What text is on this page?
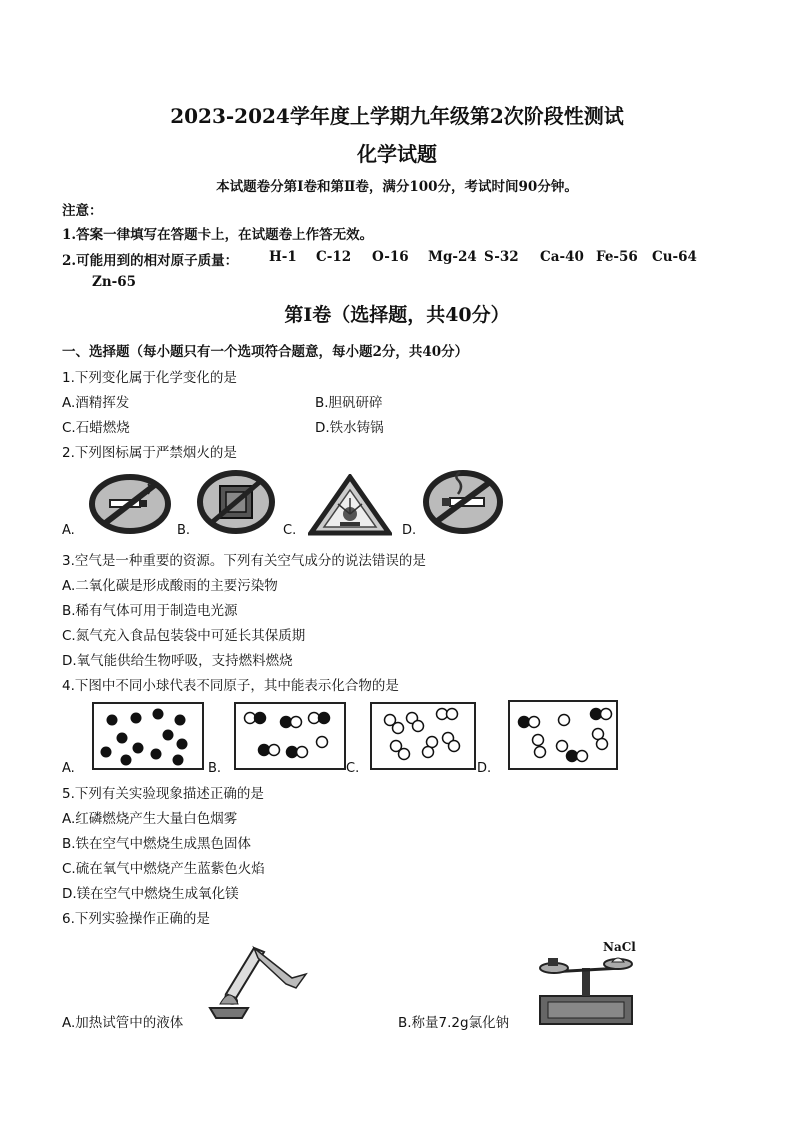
2023-2024学年度上学期九年级第2次阶段性测试
化学试题
本试题卷分第Ⅰ卷和第Ⅱ卷，满分100分，考试时间90分钟。
注意：
1.答案一律填写在答题卡上，在试题卷上作答无效。
2.可能用到的相对原子质量： H-1 C-12 O-16 Mg-24 S-32 Ca-40 Fe-56 Cu-64
Zn-65
第Ⅰ卷（选择题，共40分）
一、选择题（每小题只有一个选项符合题意，每小题2分，共40分）
1.下列变化属于化学变化的是
A.酒精挥发	B.胆矾研碎
C.石蜡燃烧	D.铁水铸锅
2.下列图标属于严禁烟火的是
A.	B.	C.	D.
3.空气是一种重要的资源。下列有关空气成分的说法错误的是
A.二氧化碳是形成酸雨的主要污染物
B.稀有气体可用于制造电光源
C.氮气充入食品包装袋中可延长其保质期
D.氧气能供给生物呼吸，支持燃料燃烧
4.下图中不同小球代表不同原子，其中能表示化合物的是
A.	B.	C.	D.
5.下列有关实验现象描述正确的是
A.红磷燃烧产生大量白色烟雾
B.铁在空气中燃烧生成黑色固体
C.硫在氧气中燃烧产生蓝紫色火焰
D.镁在空气中燃烧生成氧化镁
6.下列实验操作正确的是
A.加热试管中的液体
NaCl
B.称量7.2g氯化钠
